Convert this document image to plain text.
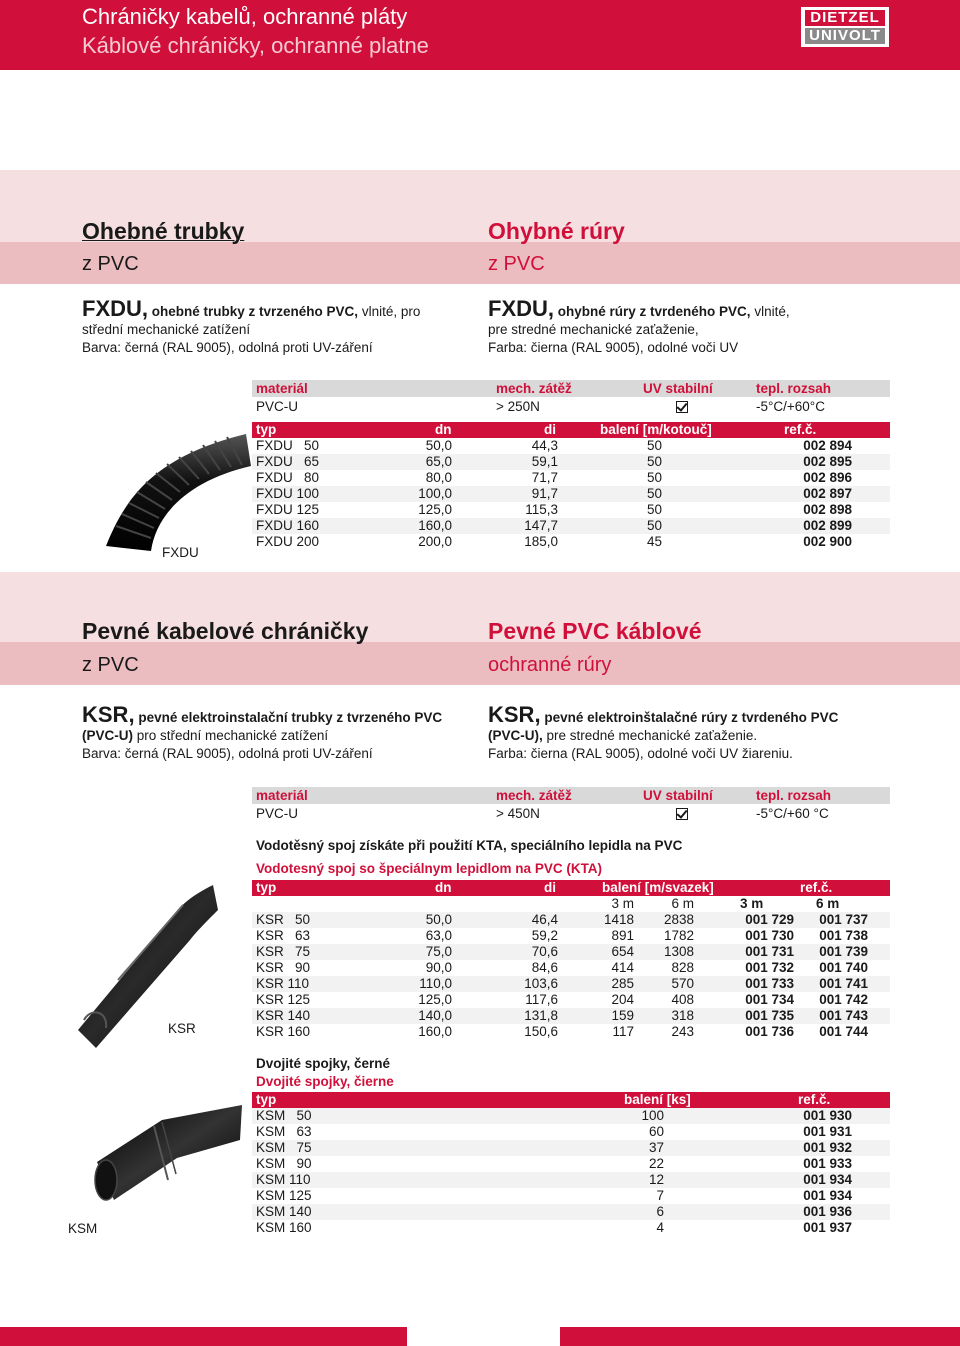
Chráničky kabelů, ochranné pláty
Káblové chráničky, ochranné platne
DIETZEL
UNIVOLT
Ohebné trubky
z PVC
Ohybné rúry
z PVC
FXDU, ohebné trubky z tvrzeného PVC, vlnité, pro
střední mechanické zatížení
Barva: černá (RAL 9005), odolná proti UV-záření
FXDU, ohybné rúry z tvrdeného PVC, vlnité,
pre stredné mechanické zaťaženie,
Farba: čierna (RAL 9005), odolné voči UV
materiál	mech. zátěž	UV stabilní	tepl. rozsah
PVC-U	> 250N	-5°C/+60°C
typ	dn	di	balení [m/kotouč]	ref.č.
FXDU   50	50,0	44,3	50	002 894
FXDU   65	65,0	59,1	50	002 895
FXDU   80	80,0	71,7	50	002 896
FXDU 100	100,0	91,7	50	002 897
FXDU 125	125,0	115,3	50	002 898
FXDU 160	160,0	147,7	50	002 899
FXDU 200	200,0	185,0	45	002 900
FXDU
Pevné kabelové chráničky
z PVC
Pevné PVC káblové
ochranné rúry
KSR, pevné elektroinstalační trubky z tvrzeného PVC
(PVC-U) pro střední mechanické zatížení
Barva: černá (RAL 9005), odolná proti UV-záření
KSR, pevné elektroinštalačné rúry z tvrdeného PVC
(PVC-U), pre stredné mechanické zaťaženie.
Farba: čierna (RAL 9005), odolné voči UV žiareniu.
materiál	mech. zátěž	UV stabilní	tepl. rozsah
PVC-U	> 450N	-5°C/+60 °C
Vodotěsný spoj získáte při použití KTA, speciálního lepidla na PVC
Vodotesný spoj so špeciálnym lepidlom na PVC (KTA)
typ	dn	di	balení [m/svazek]	ref.č.
3 m	6 m	3 m	6 m
KSR   50	50,0	46,4	1418	2838	001 729	001 737
KSR   63	63,0	59,2	891	1782	001 730	001 738
KSR   75	75,0	70,6	654	1308	001 731	001 739
KSR   90	90,0	84,6	414	828	001 732	001 740
KSR 110	110,0	103,6	285	570	001 733	001 741
KSR 125	125,0	117,6	204	408	001 734	001 742
KSR 140	140,0	131,8	159	318	001 735	001 743
KSR 160	160,0	150,6	117	243	001 736	001 744
KSR
Dvojité spojky, černé
Dvojité spojky, čierne
typ	balení [ks]	ref.č.
KSM   50	100	001 930
KSM   63	60	001 931
KSM   75	37	001 932
KSM   90	22	001 933
KSM 110	12	001 934
KSM 125	7	001 934
KSM 140	6	001 936
KSM 160	4	001 937
KSM
